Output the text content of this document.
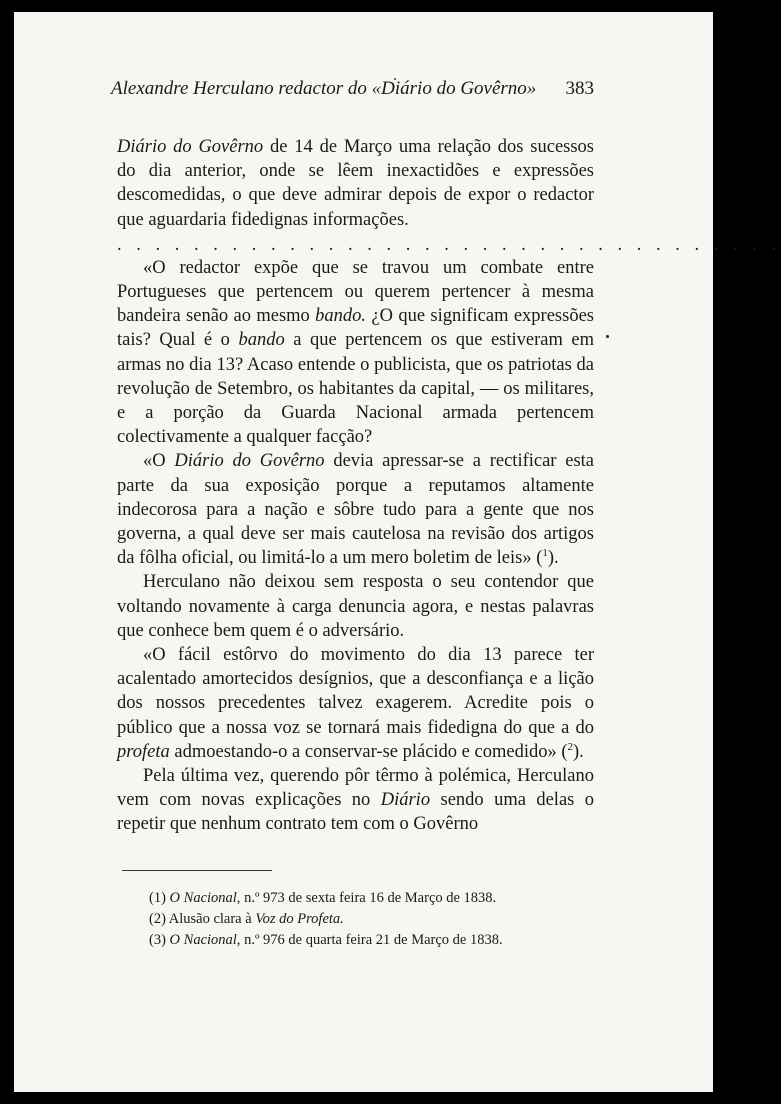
Alexandre Herculano redactor do «Diário do Govêrno» 383

Diário do Govêrno de 14 de Março uma relação dos sucessos do dia anterior, onde se lêem inexactidões e expressões descomedidas, o que deve admirar depois de expor o redactor que aguardaria fidedignas informações.

. . . . . . . . . . . . . . . . . . . . . . . . . . . . . . . . . . .

«O redactor expõe que se travou um combate entre Portugueses que pertencem ou querem pertencer à mesma bandeira senão ao mesmo bando. ¿O que significam expressões tais? Qual é o bando a que pertencem os que estiveram em armas no dia 13? Acaso entende o publicista, que os patriotas da revolução de Setembro, os habitantes da capital, — os militares, e a porção da Guarda Nacional armada pertencem colectivamente a qualquer facção?

«O Diário do Govêrno devia apressar-se a rectificar esta parte da sua exposição porque a reputamos altamente indecorosa para a nação e sôbre tudo para a gente que nos governa, a qual deve ser mais cautelosa na revisão dos artigos da fôlha oficial, ou limitá-lo a um mero boletim de leis» ($^1$).

Herculano não deixou sem resposta o seu contendor que voltando novamente à carga denuncia agora, e nestas palavras que conhece bem quem é o adversário.

«O fácil estôrvo do movimento do dia 13 parece ter acalentado amortecidos desígnios, que a desconfiança e a lição dos nossos precedentes talvez exagerem. Acredite pois o público que a nossa voz se tornará mais fidedigna do que a do profeta admoestando-o a conservar-se plácido e comedido» ($^2$).

Pela última vez, querendo pôr têrmo à polémica, Herculano vem com novas explicações no Diário sendo uma delas o repetir que nenhum contrato tem com o Govêrno

(1) O Nacional, n.º 973 de sexta feira 16 de Março de 1838.
(2) Alusão clara à Voz do Profeta.
(3) O Nacional, n.º 976 de quarta feira 21 de Março de 1838.
